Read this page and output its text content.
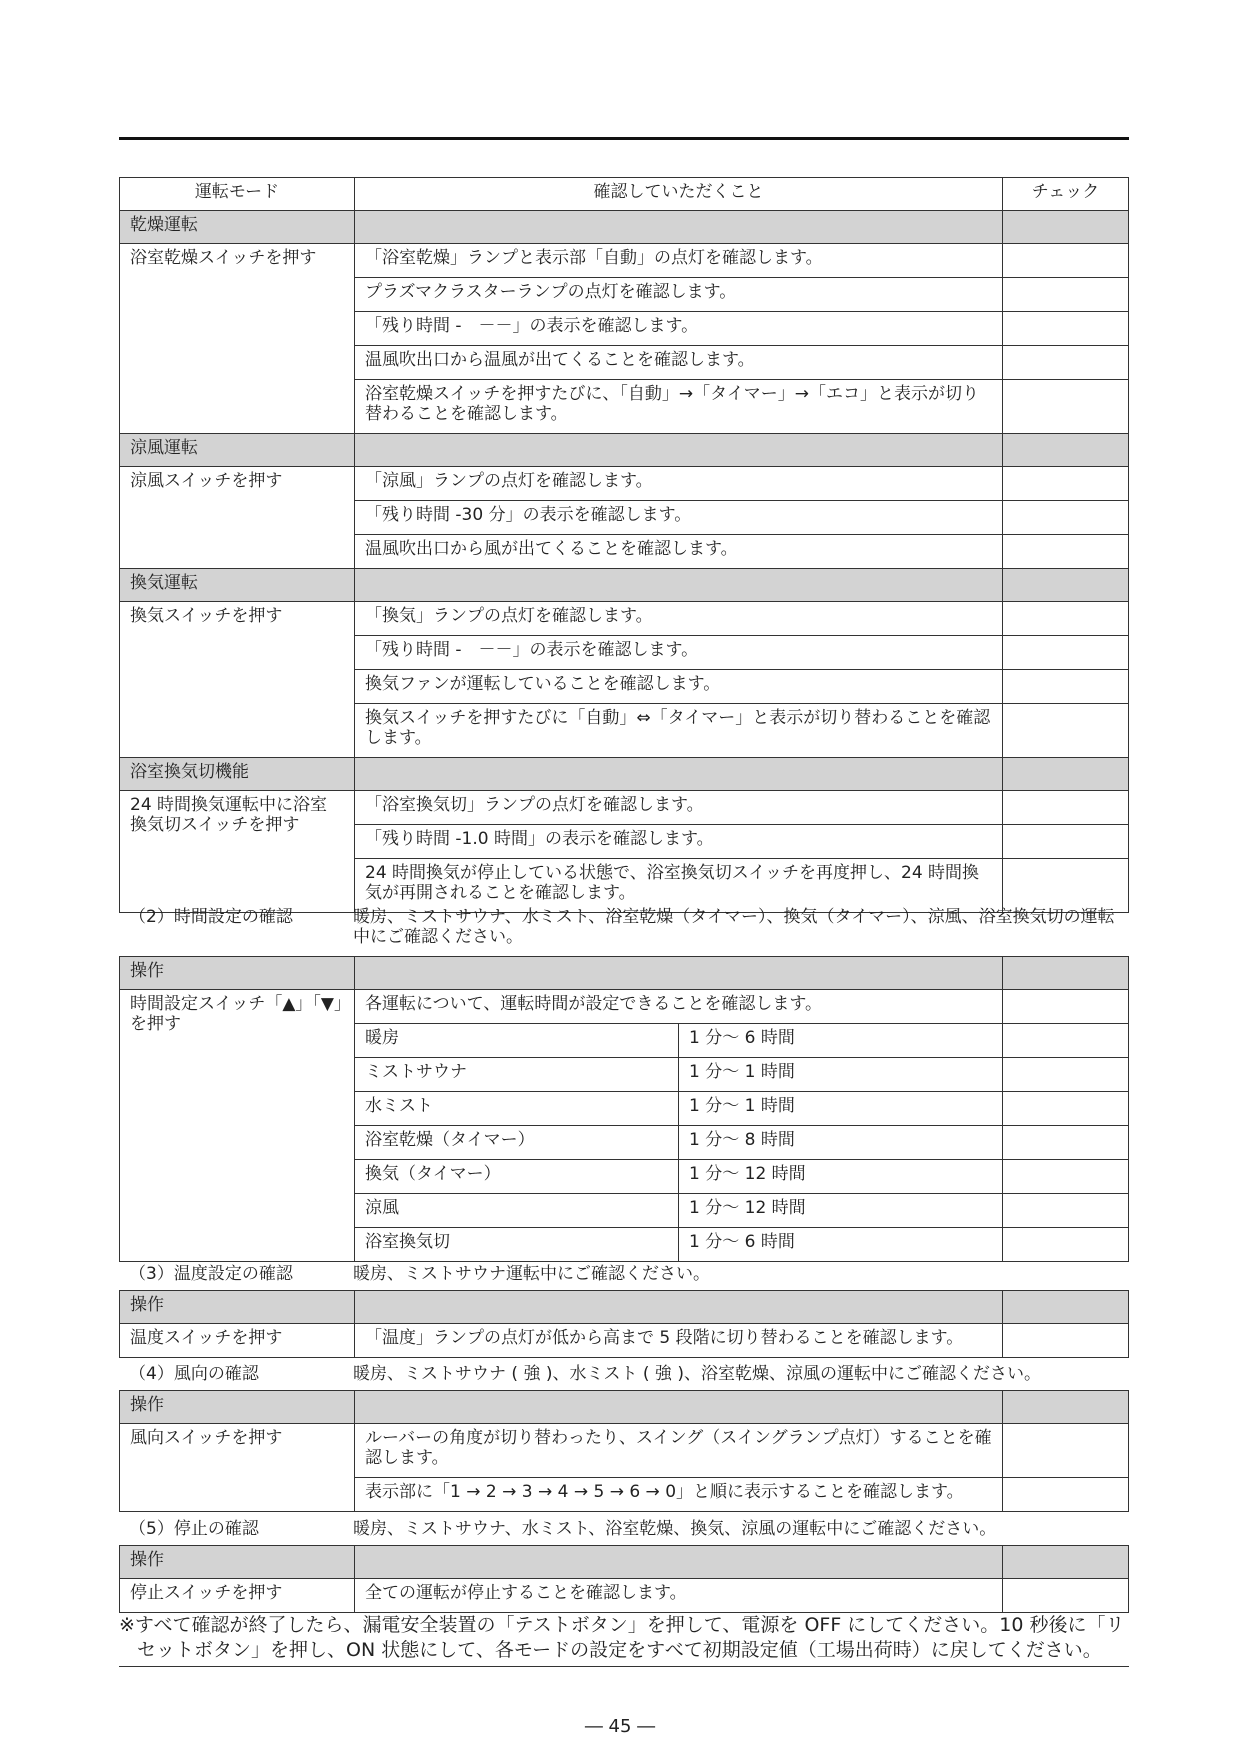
運転モード	確認していただくこと	チェック
乾燥運転		
浴室乾燥スイッチを押す	「浴室乾燥」ランプと表示部「自動」の点灯を確認します。	
	プラズマクラスターランプの点灯を確認します。	
	「残り時間 -　－－」の表示を確認します。	
	温風吹出口から温風が出てくることを確認します。	
	浴室乾燥スイッチを押すたびに、「自動」→「タイマー」→「エコ」と表示が切り替わることを確認します。	
涼風運転		
涼風スイッチを押す	「涼風」ランプの点灯を確認します。	
	「残り時間 -30 分」の表示を確認します。	
	温風吹出口から風が出てくることを確認します。	
換気運転		
換気スイッチを押す	「換気」ランプの点灯を確認します。	
	「残り時間 -　－－」の表示を確認します。	
	換気ファンが運転していることを確認します。	
	換気スイッチを押すたびに「自動」⇔「タイマー」と表示が切り替わることを確認します。	
浴室換気切機能		
24 時間換気運転中に浴室換気切スイッチを押す	「浴室換気切」ランプの点灯を確認します。	
	「残り時間 -1.0 時間」の表示を確認します。	
	24 時間換気が停止している状態で、浴室換気切スイッチを再度押し、24 時間換気が再開されることを確認します。	
（2）時間設定の確認	暖房、ミストサウナ、水ミスト、浴室乾燥（タイマー）、換気（タイマー）、涼風、浴室換気切の運転中にご確認ください。
操作			
時間設定スイッチ「▲」「▼」を押す	各運転について、運転時間が設定できることを確認します。		
	暖房	1 分～ 6 時間	
	ミストサウナ	1 分～ 1 時間	
	水ミスト	1 分～ 1 時間	
	浴室乾燥（タイマー）	1 分～ 8 時間	
	換気（タイマー）	1 分～ 12 時間	
	涼風	1 分～ 12 時間	
	浴室換気切	1 分～ 6 時間	
（3）温度設定の確認	暖房、ミストサウナ運転中にご確認ください。
操作		
温度スイッチを押す	「温度」ランプの点灯が低から高まで 5 段階に切り替わることを確認します。	
（4）風向の確認	暖房、ミストサウナ ( 強 )、水ミスト ( 強 )、浴室乾燥、涼風の運転中にご確認ください。
操作		
風向スイッチを押す	ルーバーの角度が切り替わったり、スイング（スイングランプ点灯）することを確認します。	
	表示部に「1 → 2 → 3 → 4 → 5 → 6 → 0」と順に表示することを確認します。	
（5）停止の確認	暖房、ミストサウナ、水ミスト、浴室乾燥、換気、涼風の運転中にご確認ください。
操作		
停止スイッチを押す	全ての運転が停止することを確認します。	
※すべて確認が終了したら、漏電安全装置の「テストボタン」を押して、電源を OFF にしてください。10 秒後に「リセットボタン」を押し、ON 状態にして、各モードの設定をすべて初期設定値（工場出荷時）に戻してください。
― 45 ―
